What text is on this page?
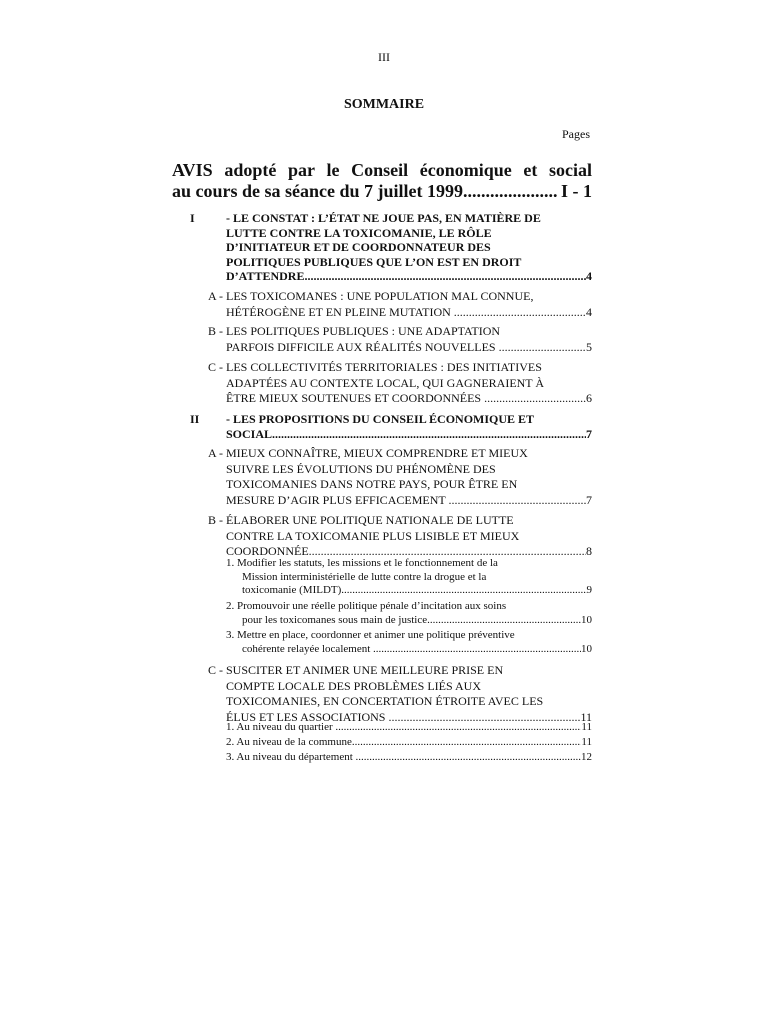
III
SOMMAIRE
Pages
AVIS adopté par le Conseil économique et social
au cours de sa séance du 7 juillet 1999 .....	I - 1
I	- LE CONSTAT : L’ÉTAT NE JOUE PAS, EN MATIÈRE DE
LUTTE CONTRE LA TOXICOMANIE, LE RÔLE
D’INITIATEUR ET DE COORDONNATEUR DES
POLITIQUES PUBLIQUES QUE L’ON EST EN DROIT
D’ATTENDRE .....	4
A - LES TOXICOMANES : UNE POPULATION MAL CONNUE,
HÉTÉROGÈNE ET EN PLEINE MUTATION .....	4
B - LES POLITIQUES PUBLIQUES : UNE ADAPTATION
PARFOIS DIFFICILE AUX RÉALITÉS NOUVELLES .....	5
C - LES COLLECTIVITÉS TERRITORIALES : DES INITIATIVES
ADAPTÉES AU CONTEXTE LOCAL, QUI GAGNERAIENT À
ÊTRE MIEUX SOUTENUES ET COORDONNÉES .....	6
II - LES PROPOSITIONS DU CONSEIL ÉCONOMIQUE ET
SOCIAL .....	7
A - MIEUX CONNAÎTRE, MIEUX COMPRENDRE ET MIEUX
SUIVRE LES ÉVOLUTIONS DU PHÉNOMÈNE DES
TOXICOMANIES DANS NOTRE PAYS, POUR ÊTRE EN
MESURE D’AGIR PLUS EFFICACEMENT .....	7
B - ÉLABORER UNE POLITIQUE NATIONALE DE LUTTE
CONTRE LA TOXICOMANIE PLUS LISIBLE ET MIEUX
COORDONNÉE .....	8
1. Modifier les statuts, les missions et le fonctionnement de la
Mission interministérielle de lutte contre la drogue et la
toxicomanie (MILDT) .....	9
2. Promouvoir une réelle politique pénale d’incitation aux soins
pour les toxicomanes sous main de justice .....	10
3. Mettre en place, coordonner et animer une politique préventive
cohérente relayée localement .....	10
C - SUSCITER ET ANIMER UNE MEILLEURE PRISE EN
COMPTE LOCALE DES PROBLÈMES LIÉS AUX
TOXICOMANIES, EN CONCERTATION ÉTROITE AVEC LES
ÉLUS ET LES ASSOCIATIONS .....	11
1. Au niveau du quartier .....	11
2. Au niveau de la commune .....	11
3. Au niveau du département .....	12
